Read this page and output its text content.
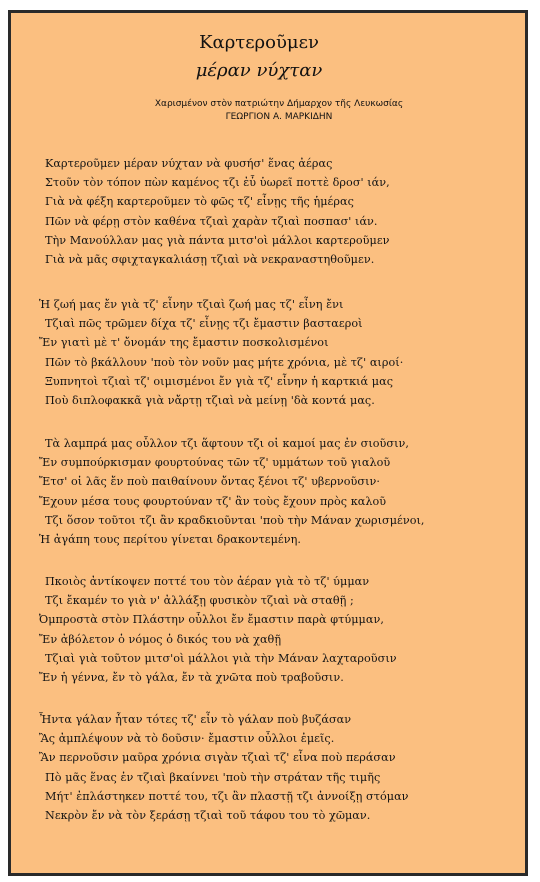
Καρτεροῦμεν
μέραν νύχταν
Χαρισμένον στὸν πατριώτην Δήμαρχον τῆς Λευκωσίας
ΓΕΩΡΓΙΟΝ Α. ΜΑΡΚΙΔΗΝ
Καρτεροῦμεν μέραν νύχταν νὰ φυσήσ' ἕνας ἀέρας
Στοῦν τὸν τόπον πὼν καμένος τζι ἐὖ ὑωρεῖ ποττὲ δροσ' ιάν,
Γιὰ νὰ φέξη καρτεροῦμεν τὸ φῶς τζ' εἶνῃς τῆς ἡμέρας
Πῶν νὰ φέρῃ στὸν καθένα τζιαὶ χαρὰν τζιαὶ ποσπασ' ιάν.
Τὴν Μανούλλαν μας γιὰ πάντα μιτσ'οὶ μάλλοι καρτεροῦμεν
Γιὰ νὰ μᾶς σφιχταγκαλιάσῃ τζιαὶ νὰ νεκραναστηθοῦμεν.
Ἡ ζωή μας ἔν γιὰ τζ' εἶνην τζιαὶ ζωή μας τζ' εἶνη ἔνι
Τζιαὶ πῶς τρῶμεν δίχα τζ' εἶνῃς τζι ἔμαστιν βασταεροὶ
Ἔν γιατὶ μὲ τ' ὄνομάν της ἔμαστιν ποσκολισμένοι
Πῶν τὸ βκάλλουν 'ποὺ τὸν νοῦν μας μήτε χρόνια, μὲ τζ' αιροί·
Ξυπνητοὶ τζιαὶ τζ' οιμισμένοι ἔν γιὰ τζ' εἶνην ἡ καρτκιά μας
Ποὺ διπλοφακκᾶ γιὰ νἄρτῃ τζιαὶ νὰ μείνῃ 'δὰ κοντά μας.
Τὰ λαμπρά μας οὖλλον τζι ἅφτουν τζι οἱ καμοί μας ἐν σιοῦσιν,
Ἔν συμπούρκισμαν φουρτούνας τῶν τζ' υμμάτων τοῦ γιαλοῦ
Ἔτσ' οἱ λᾶς ἔν ποὺ παιθαίνουν ὄντας ξένοι τζ' υβερνοῦσιν·
Ἔχουν μέσα τους φουρτούναν τζ' ἂν τοὺς ἔχουν πρὸς καλοῦ
Τζι ὅσον τοῦτοι τζι ἂν κραδκιοῦνται 'ποὺ τὴν Μάναν χωρισμένοι,
Ἡ ἀγάπη τους περίτου γίνεται δρακοντεμένη.
Πκοιὸς ἀντίκοψεν ποττέ του τὸν ἀέραν γιὰ τὸ τζ' ύμμαν
Τζι ἔκαμέν το γιὰ ν' ἀλλάξῃ φυσικὸν τζιαὶ νὰ σταθῇ ;
Ὀμπροστὰ στὸν Πλάστην οὖλλοι ἔν ἔμαστιν παρὰ φτύμμαν,
Ἔν ἀβόλετον ὁ νόμος ὁ δικός του νὰ χαθῇ
Τζιαὶ γιὰ τοῦτον μιτσ'οὶ μάλλοι γιὰ τὴν Μάναν λαχταροῦσιν
Ἔν ἡ γέννα, ἔν τὸ γάλα, ἔν τὰ χνῶτα ποὺ τραβοῦσιν.
Ἦντα γάλαν ἦταν τότες τζ' εἶν τὸ γάλαν ποὺ βυζάσαν
Ἂς ἀμπλέψουν νὰ τὸ δοῦσιν· ἔμαστιν οὖλλοι ἐμεῖς.
Ἂν περνοῦσιν μαῦρα χρόνια σιγὰν τζιαὶ τζ' εἶνα ποὺ περάσαν
Πὸ μᾶς ἕνας ἐν τζιαὶ βκαίννει 'ποὺ τὴν στράταν τῆς τιμῆς
Μήτ' ἐπλάστηκεν ποττέ του, τζι ἂν πλαστῇ τζι ἀννοίξῃ στόμαν
Νεκρὸν ἔν νὰ τὸν ξεράσῃ τζιαὶ τοῦ τάφου του τὸ χῶμαν.
